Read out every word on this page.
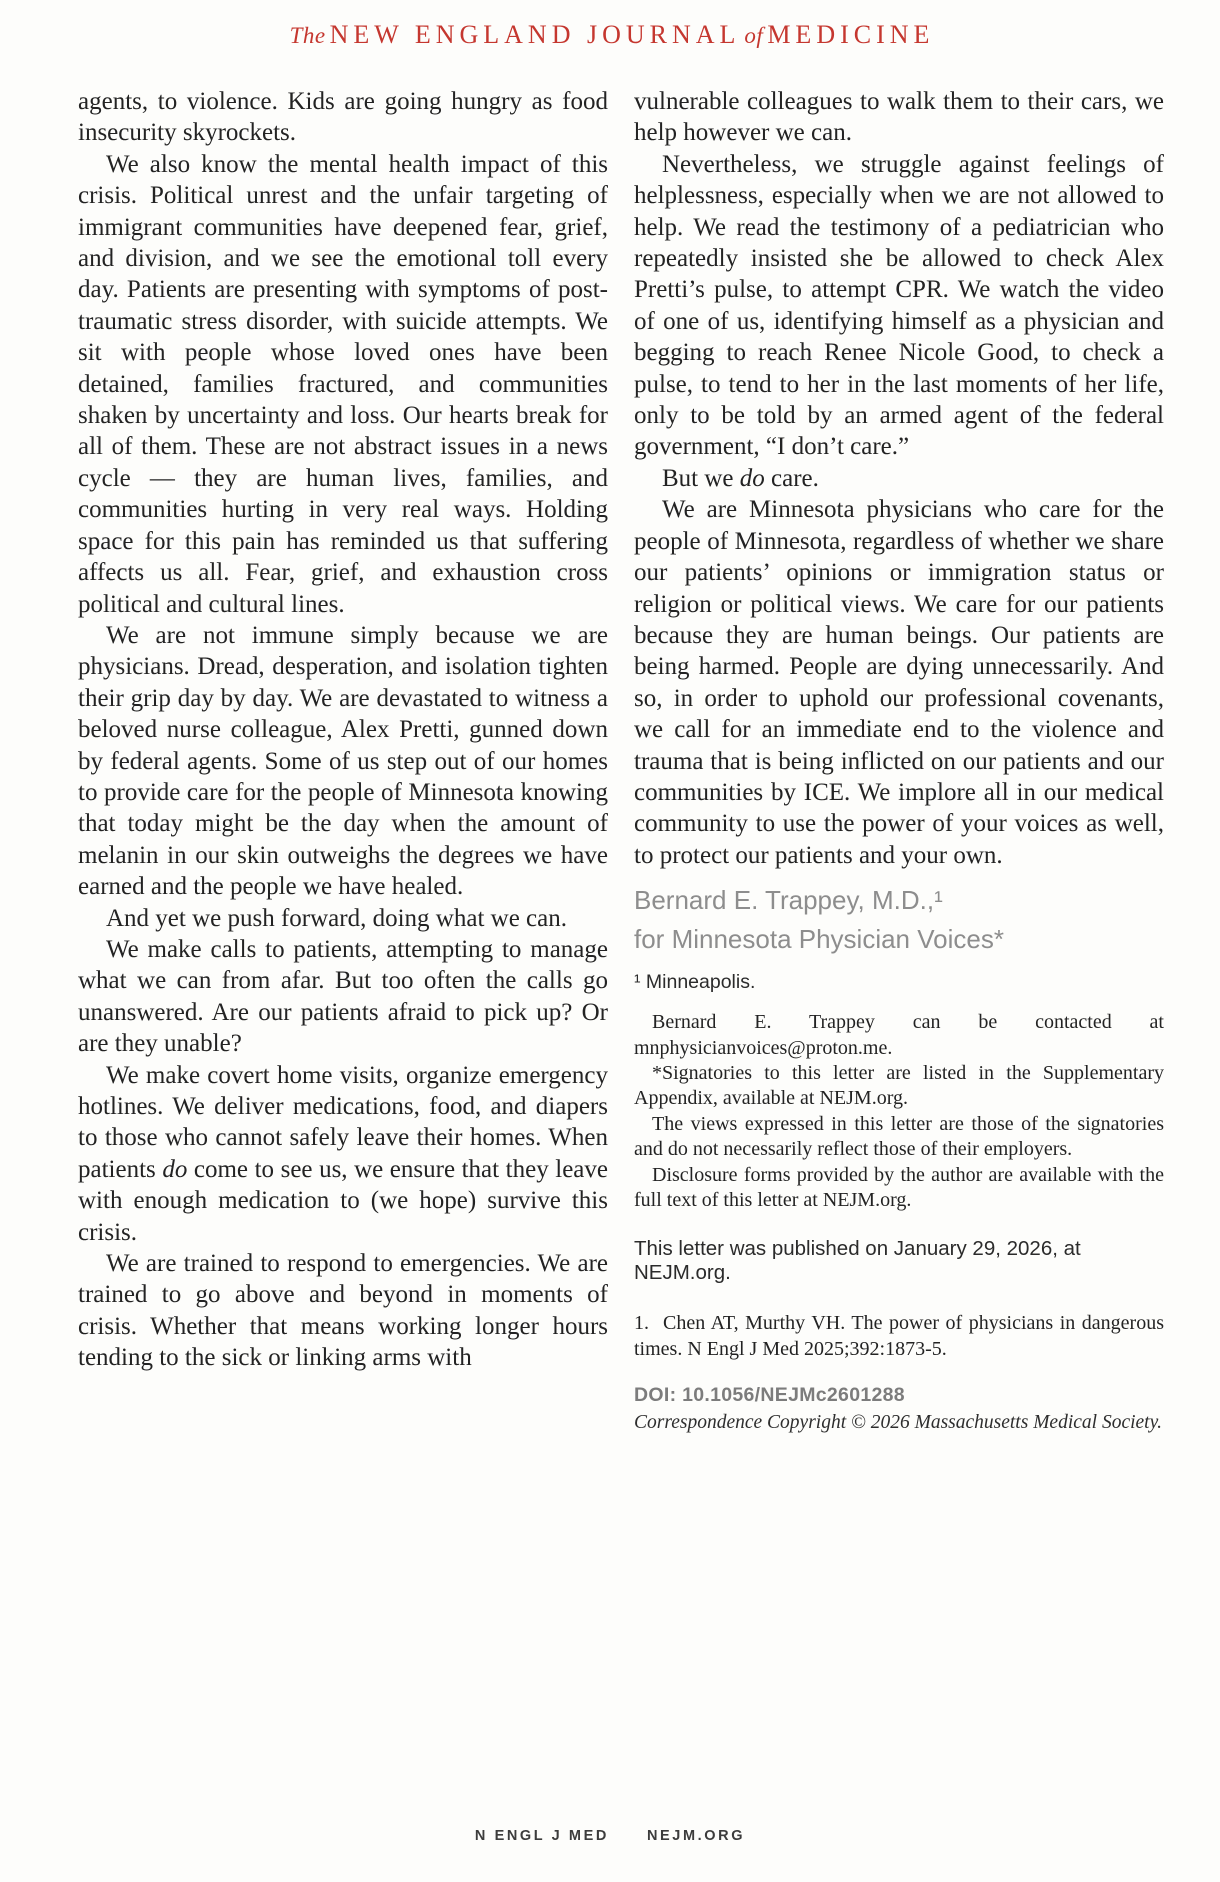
The NEW ENGLAND JOURNAL of MEDICINE

agents, to violence. Kids are going hungry as food insecurity skyrockets.

We also know the mental health impact of this crisis. Political unrest and the unfair targeting of immigrant communities have deepened fear, grief, and division, and we see the emotional toll every day. Patients are presenting with symptoms of post-traumatic stress disorder, with suicide attempts. We sit with people whose loved ones have been detained, families fractured, and communities shaken by uncertainty and loss. Our hearts break for all of them. These are not abstract issues in a news cycle — they are human lives, families, and communities hurting in very real ways. Holding space for this pain has reminded us that suffering affects us all. Fear, grief, and exhaustion cross political and cultural lines.

We are not immune simply because we are physicians. Dread, desperation, and isolation tighten their grip day by day. We are devastated to witness a beloved nurse colleague, Alex Pretti, gunned down by federal agents. Some of us step out of our homes to provide care for the people of Minnesota knowing that today might be the day when the amount of melanin in our skin outweighs the degrees we have earned and the people we have healed.

And yet we push forward, doing what we can.

We make calls to patients, attempting to manage what we can from afar. But too often the calls go unanswered. Are our patients afraid to pick up? Or are they unable?

We make covert home visits, organize emergency hotlines. We deliver medications, food, and diapers to those who cannot safely leave their homes. When patients do come to see us, we ensure that they leave with enough medication to (we hope) survive this crisis.

We are trained to respond to emergencies. We are trained to go above and beyond in moments of crisis. Whether that means working longer hours tending to the sick or linking arms with

vulnerable colleagues to walk them to their cars, we help however we can.

Nevertheless, we struggle against feelings of helplessness, especially when we are not allowed to help. We read the testimony of a pediatrician who repeatedly insisted she be allowed to check Alex Pretti’s pulse, to attempt CPR. We watch the video of one of us, identifying himself as a physician and begging to reach Renee Nicole Good, to check a pulse, to tend to her in the last moments of her life, only to be told by an armed agent of the federal government, “I don’t care.”

But we do care.

We are Minnesota physicians who care for the people of Minnesota, regardless of whether we share our patients’ opinions or immigration status or religion or political views. We care for our patients because they are human beings. Our patients are being harmed. People are dying unnecessarily. And so, in order to uphold our professional covenants, we call for an immediate end to the violence and trauma that is being inflicted on our patients and our communities by ICE. We implore all in our medical community to use the power of your voices as well, to protect our patients and your own.

Bernard E. Trappey, M.D.,¹
for Minnesota Physician Voices*
¹ Minneapolis.

Bernard E. Trappey can be contacted at mnphysicianvoices@proton.me.

*Signatories to this letter are listed in the Supplementary Appendix, available at NEJM.org.

The views expressed in this letter are those of the signatories and do not necessarily reflect those of their employers.

Disclosure forms provided by the author are available with the full text of this letter at NEJM.org.

This letter was published on January 29, 2026, at NEJM.org.

1. Chen AT, Murthy VH. The power of physicians in dangerous times. N Engl J Med 2025;392:1873-5.

DOI: 10.1056/NEJMc2601288

Correspondence Copyright © 2026 Massachusetts Medical Society.

N ENGL J MED	NEJM.ORG
